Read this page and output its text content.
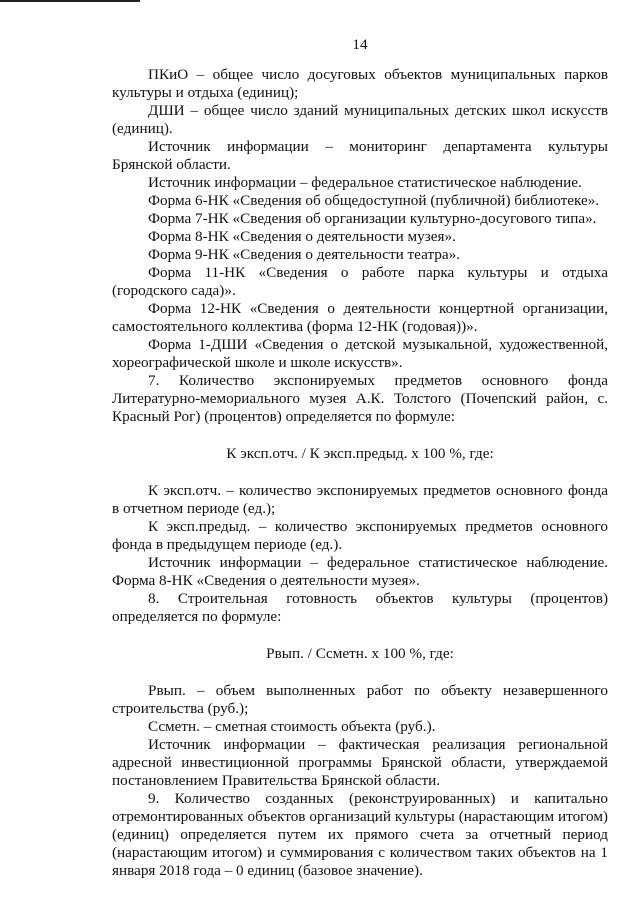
14

ПКиО – общее число досуговых объектов муниципальных парков культуры и отдыха (единиц);

ДШИ – общее число зданий муниципальных детских школ искусств (единиц).

Источник информации – мониторинг департамента культуры Брянской области.

Источник информации – федеральное статистическое наблюдение.

Форма 6-НК «Сведения об общедоступной (публичной) библиотеке».

Форма 7-НК «Сведения об организации культурно-досугового типа».

Форма 8-НК «Сведения о деятельности музея».

Форма 9-НК «Сведения о деятельности театра».

Форма 11-НК «Сведения о работе парка культуры и отдыха (городского сада)».

Форма 12-НК «Сведения о деятельности концертной организации, самостоятельного коллектива (форма 12-НК (годовая))».

Форма 1-ДШИ «Сведения о детской музыкальной, художественной, хореографической школе и школе искусств».

7. Количество экспонируемых предметов основного фонда Литературно-мемориального музея А.К. Толстого (Почепский район, с. Красный Рог) (процентов) определяется по формуле:

К эксп.отч. / К эксп.предыд. x 100 %, где:

К эксп.отч. – количество экспонируемых предметов основного фонда в отчетном периоде (ед.);

К эксп.предыд. – количество экспонируемых предметов основного фонда в предыдущем периоде (ед.).

Источник информации – федеральное статистическое наблюдение. Форма 8-НК «Сведения о деятельности музея».

8. Строительная готовность объектов культуры (процентов) определяется по формуле:

Рвып. / Ссметн. x 100 %, где:

Рвып. – объем выполненных работ по объекту незавершенного строительства (руб.);

Ссметн. – сметная стоимость объекта (руб.).

Источник информации – фактическая реализация региональной адресной инвестиционной программы Брянской области, утверждаемой постановлением Правительства Брянской области.

9. Количество созданных (реконструированных) и капитально отремонтированных объектов организаций культуры (нарастающим итогом) (единиц) определяется путем их прямого счета за отчетный период (нарастающим итогом) и суммирования с количеством таких объектов на 1 января 2018 года – 0 единиц (базовое значение).
